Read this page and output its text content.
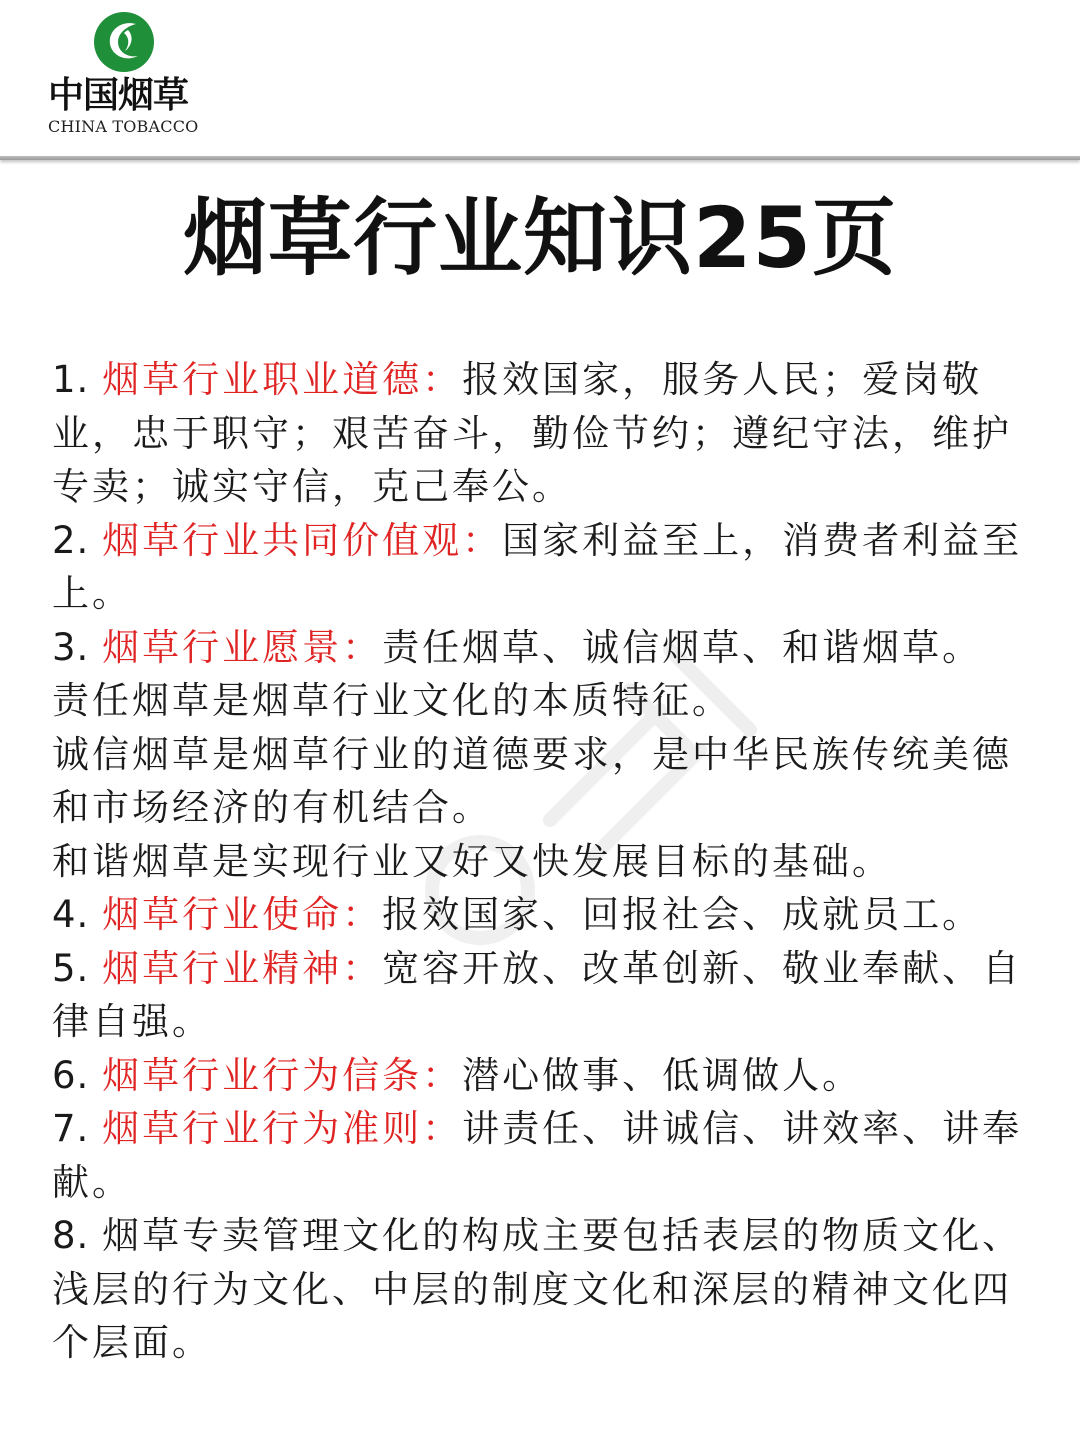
中国烟草
CHINA TOBACCO
烟草行业知识25页
1. 烟草行业职业道德：报效国家，服务人民；爱岗敬业，忠于职守；艰苦奋斗，勤俭节约；遵纪守法，维护专卖；诚实守信，克己奉公。
2. 烟草行业共同价值观：国家利益至上，消费者利益至上。
3. 烟草行业愿景：责任烟草、诚信烟草、和谐烟草。
责任烟草是烟草行业文化的本质特征。
诚信烟草是烟草行业的道德要求，是中华民族传统美德和市场经济的有机结合。
和谐烟草是实现行业又好又快发展目标的基础。
4. 烟草行业使命：报效国家、回报社会、成就员工。
5. 烟草行业精神：宽容开放、改革创新、敬业奉献、自律自强。
6. 烟草行业行为信条：潜心做事、低调做人。
7. 烟草行业行为准则：讲责任、讲诚信、讲效率、讲奉献。
8. 烟草专卖管理文化的构成主要包括表层的物质文化、浅层的行为文化、中层的制度文化和深层的精神文化四个层面。
